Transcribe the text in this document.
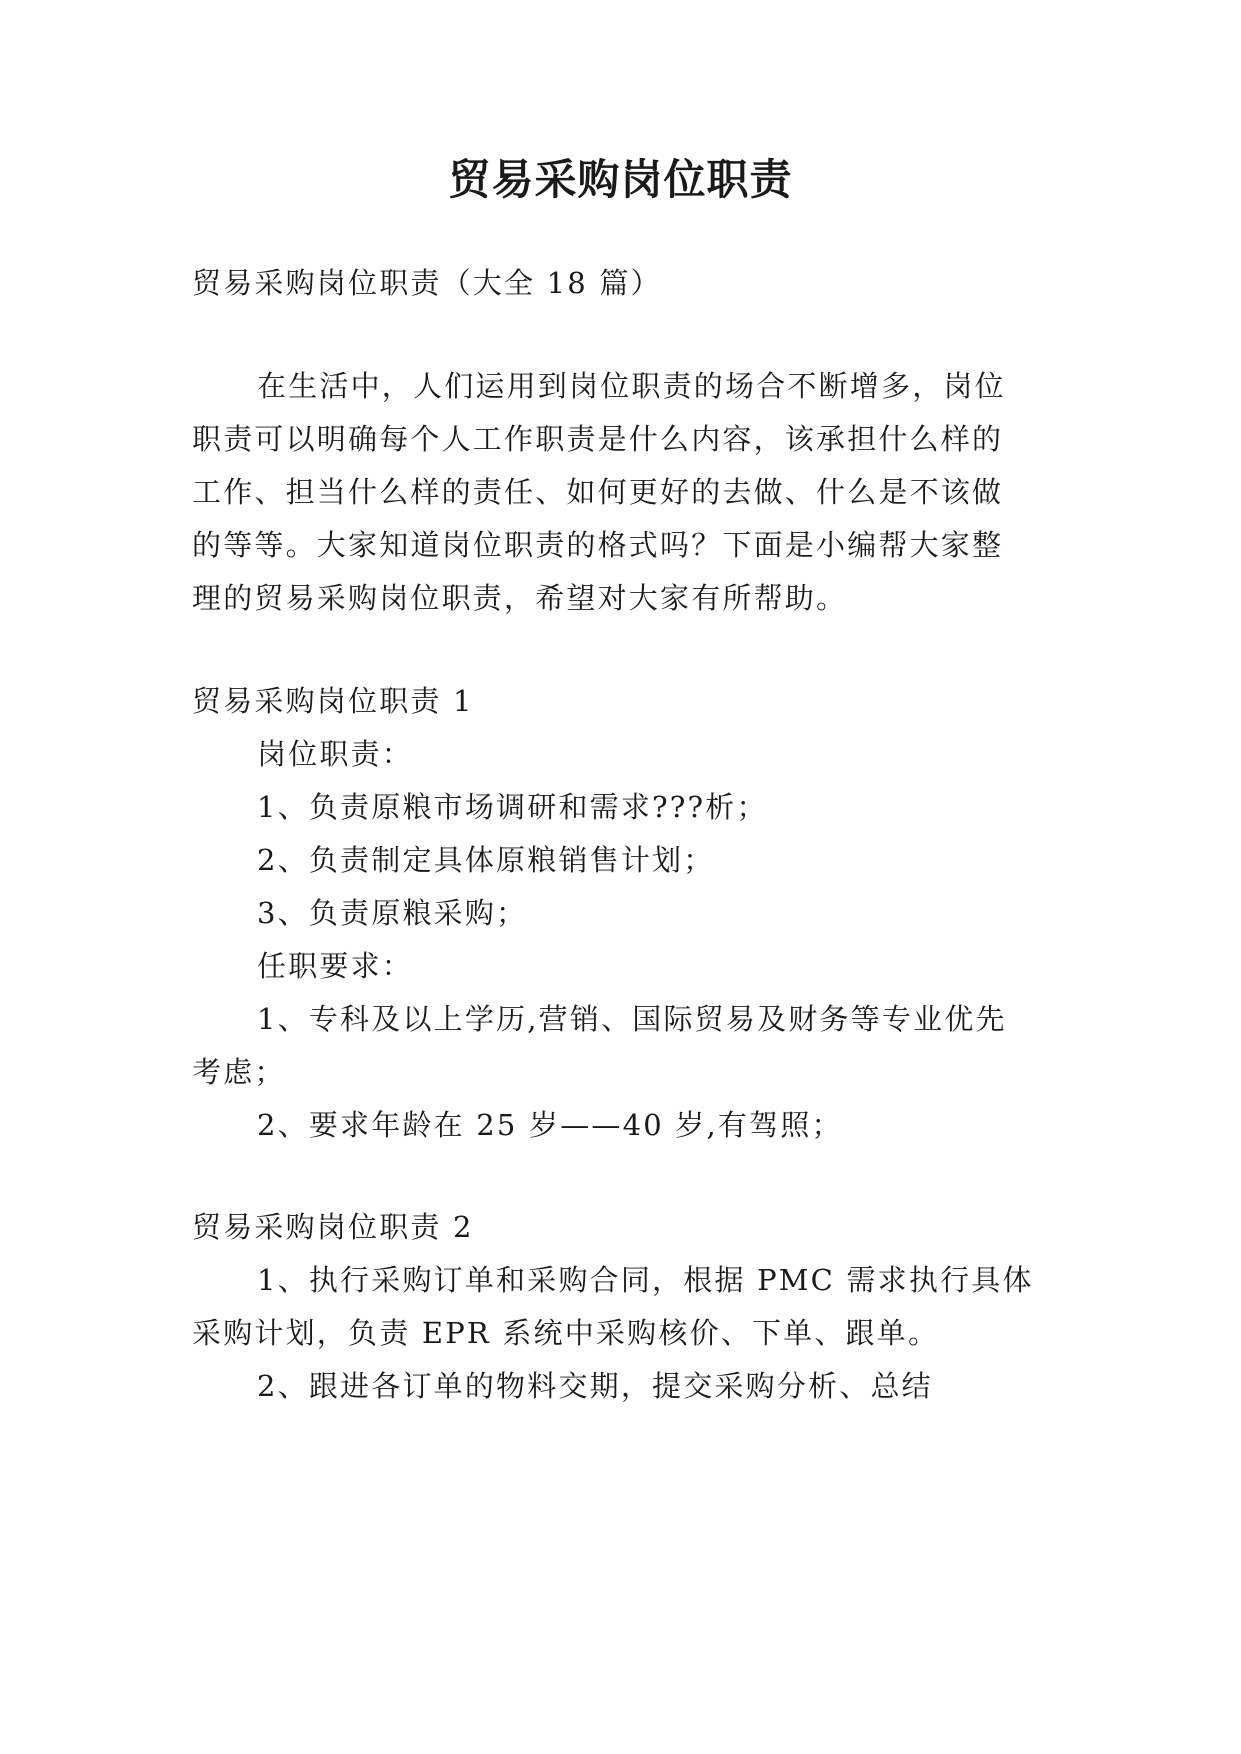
贸易采购岗位职责
贸易采购岗位职责（大全 18 篇）
在生活中，人们运用到岗位职责的场合不断增多，岗位
职责可以明确每个人工作职责是什么内容，该承担什么样的
工作、担当什么样的责任、如何更好的去做、什么是不该做
的等等。大家知道岗位职责的格式吗？下面是小编帮大家整
理的贸易采购岗位职责，希望对大家有所帮助。
贸易采购岗位职责 1
岗位职责：
1、负责原粮市场调研和需求???析；
2、负责制定具体原粮销售计划；
3、负责原粮采购；
任职要求：
1、专科及以上学历,营销、国际贸易及财务等专业优先
考虑；
2、要求年龄在 25 岁——40 岁,有驾照；
贸易采购岗位职责 2
1、执行采购订单和采购合同，根据 PMC 需求执行具体
采购计划，负责 EPR 系统中采购核价、下单、跟单。
2、跟进各订单的物料交期，提交采购分析、总结
